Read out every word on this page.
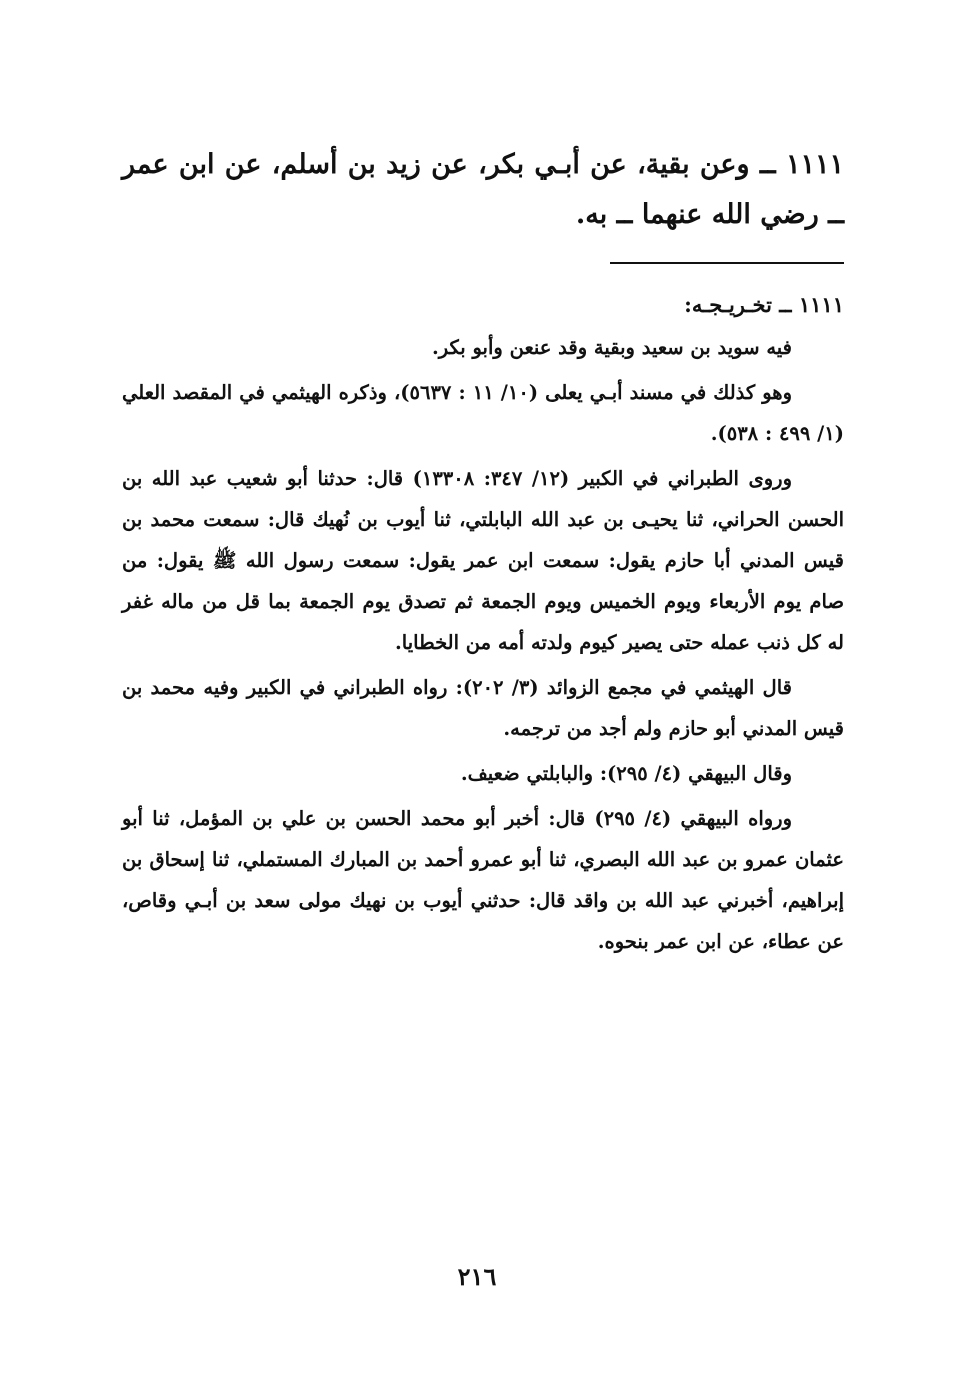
١١١١ ــ وعن بقية، عن أبـي بكر، عن زيد بن أسلم، عن ابن عمر ــ رضي الله عنهما ــ به.

١١١١ ــ تخـريـجـه:

فيه سويد بن سعيد وبقية وقد عنعن وأبو بكر.

وهو كذلك في مسند أبـي يعلى (١٠/ ١١ : ٥٦٣٧)، وذكره الهيثمي في المقصد العلي (١/ ٤٩٩ : ٥٣٨).

وروى الطبراني في الكبير (١٢/ ٣٤٧: ١٣٣٠٨) قال: حدثنا أبو شعيب عبد الله بن الحسن الحراني، ثنا يحيـى بن عبد الله البابلتي، ثنا أيوب بن نُهيك قال: سمعت محمد بن قيس المدني أبا حازم يقول: سمعت ابن عمر يقول: سمعت رسول الله ﷺ يقول: من صام يوم الأربعاء ويوم الخميس ويوم الجمعة ثم تصدق يوم الجمعة بما قل من ماله غفر له كل ذنب عمله حتى يصير كيوم ولدته أمه من الخطايا.

قال الهيثمي في مجمع الزوائد (٣/ ٢٠٢): رواه الطبراني في الكبير وفيه محمد بن قيس المدني أبو حازم ولم أجد من ترجمه.

وقال البيهقي (٤/ ٢٩٥): والبابلتي ضعيف.

ورواه البيهقي (٤/ ٢٩٥) قال: أخبر أبو محمد الحسن بن علي بن المؤمل، ثنا أبو عثمان عمرو بن عبد الله البصري، ثنا أبو عمرو أحمد بن المبارك المستملي، ثنا إسحاق بن إبراهيم، أخبرني عبد الله بن واقد قال: حدثني أيوب بن نهيك مولى سعد بن أبـي وقاص، عن عطاء، عن ابن عمر بنحوه.

٢١٦
